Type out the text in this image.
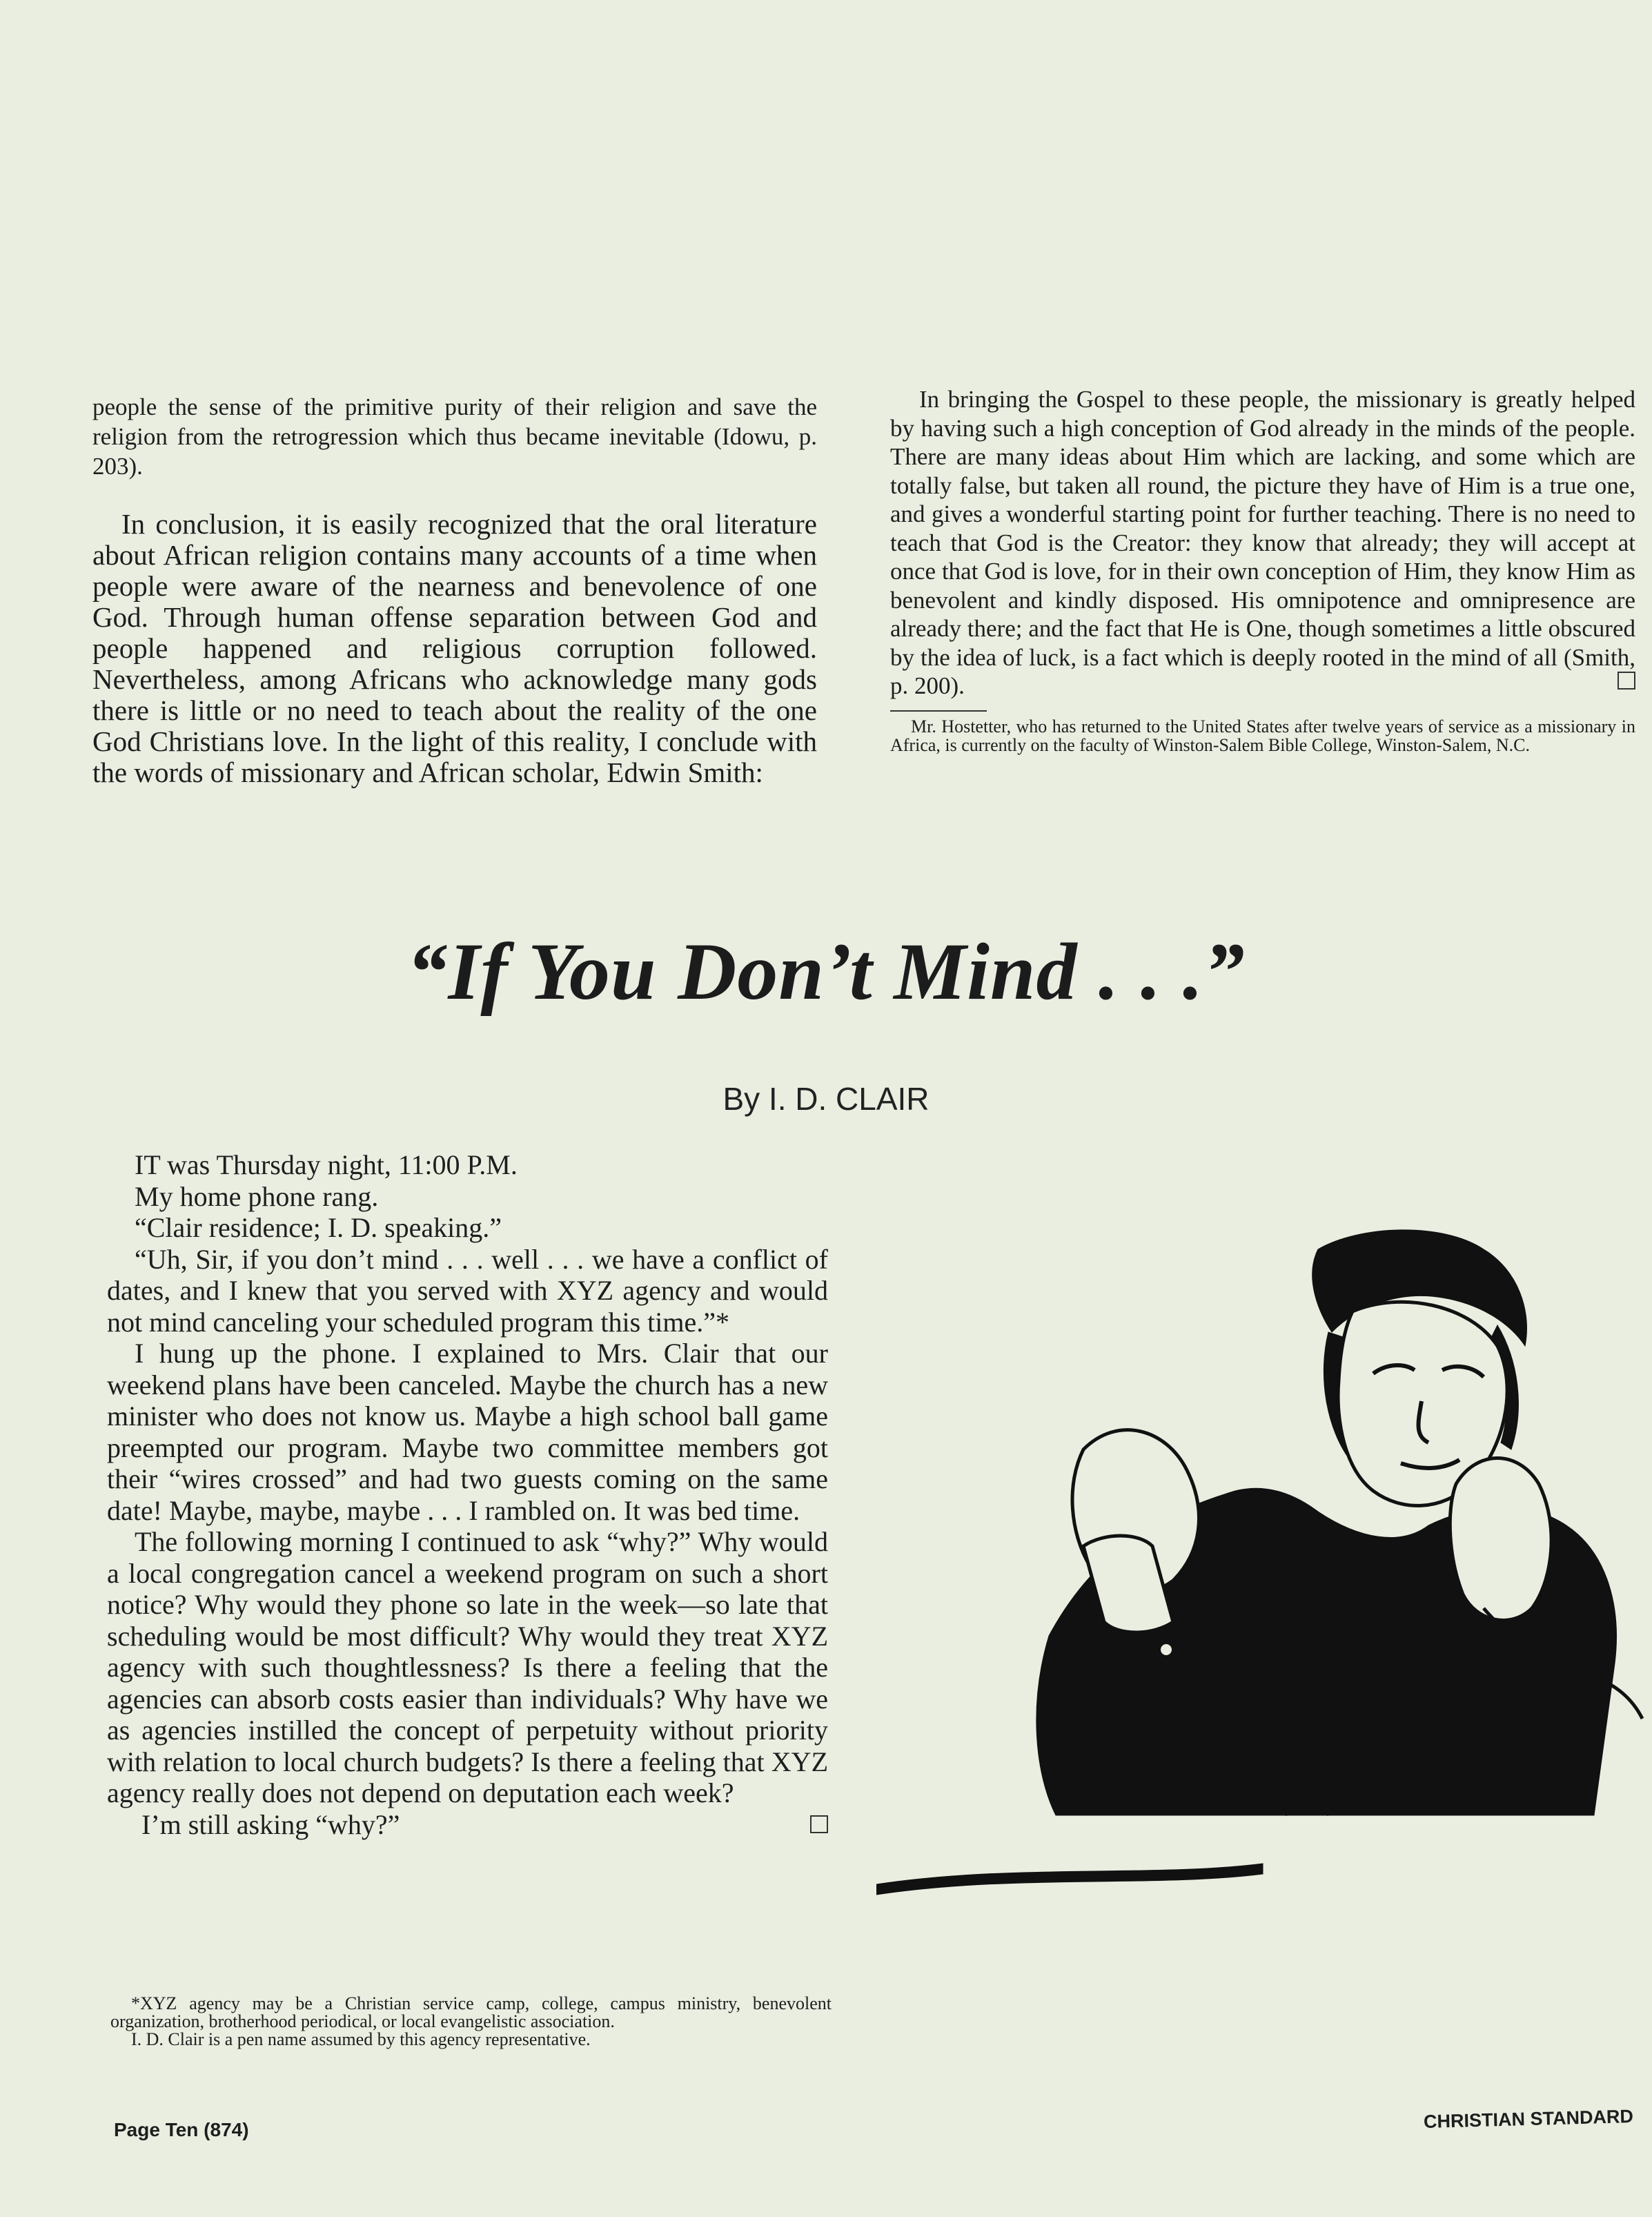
people the sense of the primitive purity of their religion and save the religion from the retrogression which thus became inevitable (Idowu, p. 203).

In conclusion, it is easily recognized that the oral literature about African religion contains many accounts of a time when people were aware of the nearness and benevolence of one God. Through human offense separation between God and people happened and religious corruption followed. Nevertheless, among Africans who acknowledge many gods there is little or no need to teach about the reality of the one God Christians love. In the light of this reality, I conclude with the words of missionary and African scholar, Edwin Smith:

In bringing the Gospel to these people, the missionary is greatly helped by having such a high conception of God already in the minds of the people. There are many ideas about Him which are lacking, and some which are totally false, but taken all round, the picture they have of Him is a true one, and gives a wonderful starting point for further teaching. There is no need to teach that God is the Creator: they know that already; they will accept at once that God is love, for in their own conception of Him, they know Him as benevolent and kindly disposed. His omnipotence and omnipresence are already there; and the fact that He is One, though sometimes a little obscured by the idea of luck, is a fact which is deeply rooted in the mind of all (Smith, p. 200).

Mr. Hostetter, who has returned to the United States after twelve years of service as a missionary in Africa, is currently on the faculty of Winston-Salem Bible College, Winston-Salem, N.C.

“If You Don’t Mind . . .”
By I. D. CLAIR

IT was Thursday night, 11:00 P.M.

My home phone rang.

“Clair residence; I. D. speaking.”

“Uh, Sir, if you don’t mind . . . well . . . we have a conflict of dates, and I knew that you served with XYZ agency and would not mind canceling your scheduled program this time.”*

I hung up the phone. I explained to Mrs. Clair that our weekend plans have been canceled. Maybe the church has a new minister who does not know us. Maybe a high school ball game preempted our program. Maybe two committee members got their “wires crossed” and had two guests coming on the same date! Maybe, maybe, maybe . . . I rambled on. It was bed time.

The following morning I continued to ask “why?” Why would a local congregation cancel a weekend program on such a short notice? Why would they phone so late in the week—so late that scheduling would be most difficult? Why would they treat XYZ agency with such thoughtlessness? Is there a feeling that the agencies can absorb costs easier than individuals? Why have we as agencies instilled the concept of perpetuity without priority with relation to local church budgets? Is there a feeling that XYZ agency really does not depend on deputation each week?

I’m still asking “why?”

*XYZ agency may be a Christian service camp, college, campus ministry, benevolent organization, brotherhood periodical, or local evangelistic association.

I. D. Clair is a pen name assumed by this agency representative.

Page Ten (874)	CHRISTIAN STANDARD
